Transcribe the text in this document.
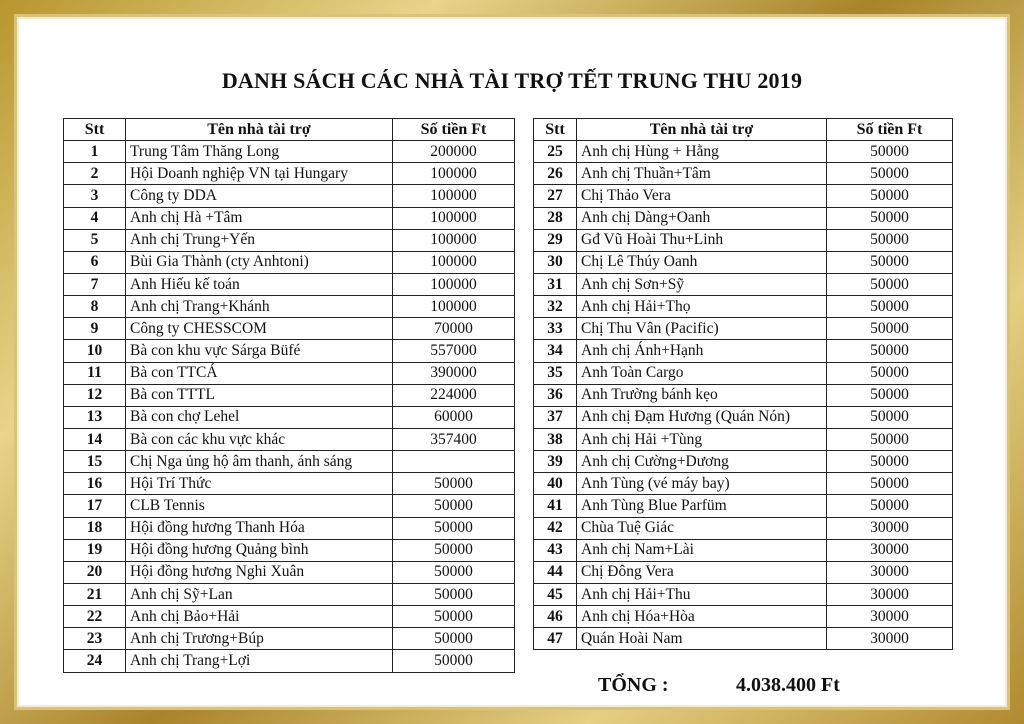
DANH SÁCH CÁC NHÀ TÀI TRỢ TẾT TRUNG THU 2019
Stt	Tên nhà tài trợ	Số tiền Ft
1	Trung Tâm Thăng Long	200000
2	Hội Doanh nghiệp VN tại Hungary	100000
3	Công ty DDA	100000
4	Anh chị Hà +Tâm	100000
5	Anh chị Trung+Yến	100000
6	Bùi Gia Thành (cty Anhtoni)	100000
7	Anh Hiếu kế toán	100000
8	Anh chị Trang+Khánh	100000
9	Công ty CHESSCOM	70000
10	Bà con khu vực Sárga Büfé	557000
11	Bà con TTCÁ	390000
12	Bà con TTTL	224000
13	Bà con chợ Lehel	60000
14	Bà con các khu vực khác	357400
15	Chị Nga ủng hộ âm thanh, ánh sáng	
16	Hội Trí Thức	50000
17	CLB Tennis	50000
18	Hội đồng hương Thanh Hóa	50000
19	Hội đồng hương Quảng bình	50000
20	Hội đồng hương Nghi Xuân	50000
21	Anh chị Sỹ+Lan	50000
22	Anh chị Bảo+Hải	50000
23	Anh chị Trương+Búp	50000
24	Anh chị Trang+Lợi	50000
Stt	Tên nhà tài trợ	Số tiền Ft
25	Anh chị Hùng + Hằng	50000
26	Anh chị Thuần+Tâm	50000
27	Chị Thảo Vera	50000
28	Anh chị Dàng+Oanh	50000
29	Gđ Vũ Hoài Thu+Linh	50000
30	Chị Lê Thúy Oanh	50000
31	Anh chị Sơn+Sỹ	50000
32	Anh chị Hải+Thọ	50000
33	Chị Thu Vân (Pacific)	50000
34	Anh chị Ánh+Hạnh	50000
35	Anh Toàn Cargo	50000
36	Anh Trường bánh kẹo	50000
37	Anh chị Đạm Hương (Quán Nón)	50000
38	Anh chị Hải +Tùng	50000
39	Anh chị Cường+Dương	50000
40	Anh Tùng (vé máy bay)	50000
41	Anh Tùng Blue Parfüm	50000
42	Chùa Tuệ Giác	30000
43	Anh chị Nam+Lài	30000
44	Chị Đông Vera	30000
45	Anh chị Hải+Thu	30000
46	Anh chị Hóa+Hòa	30000
47	Quán Hoài Nam	30000
TỔNG :	4.038.400 Ft
